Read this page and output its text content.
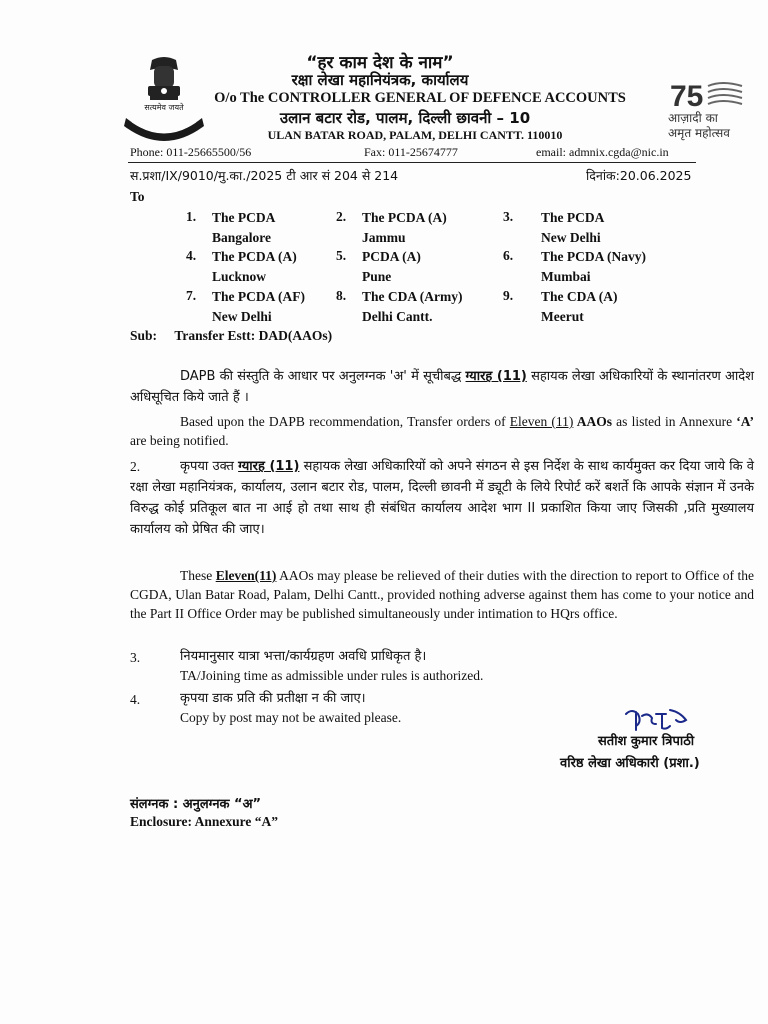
सत्यमेव जयते	75
आज़ादी का
अमृत महोत्सव
“हर काम देश के नाम”
रक्षा लेखा महानियंत्रक, कार्यालय
O/o The CONTROLLER GENERAL OF DEFENCE ACCOUNTS
उलान बटार रोड, पालम, दिल्ली छावनी – 10
ULAN BATAR ROAD, PALAM, DELHI CANTT. 110010
Phone: 011-25665500/56	Fax: 011-25674777	email: admnix.cgda@nic.in
स.प्रशा/IX/9010/मु.का./2025 टी आर सं 204 से 214	दिनांक:20.06.2025
To
1. The PCDA
Bangalore
2. The PCDA (A)
Jammu
3. The PCDA
New Delhi
4. The PCDA (A)
Lucknow
5. PCDA (A)
Pune
6. The PCDA (Navy)
Mumbai
7. The PCDA (AF)
New Delhi
8. The CDA (Army)
Delhi Cantt.
9. The CDA (A)
Meerut
Sub: Transfer Estt: DAD(AAOs)
DAPB की संस्तुति के आधार पर अनुलग्नक 'अ' में सूचीबद्ध ग्यारह (11) सहायक लेखा अधिकारियों के स्थानांतरण आदेश अधिसूचित किये जाते हैं ।
Based upon the DAPB recommendation, Transfer orders of Eleven (11) AAOs as listed in Annexure ‘A’ are being notified.
2.	कृपया उक्त ग्यारह (11) सहायक लेखा अधिकारियों को अपने संगठन से इस निर्देश के साथ कार्यमुक्त कर दिया जाये कि वे रक्षा लेखा महानियंत्रक, कार्यालय, उलान बटार रोड, पालम, दिल्ली छावनी में ड्यूटी के लिये रिपोर्ट करें बशर्ते कि आपके संज्ञान में उनके विरुद्ध कोई प्रतिकूल बात ना आई हो तथा साथ ही संबंधित कार्यालय आदेश भाग II प्रकाशित किया जाए जिसकी ,प्रति मुख्यालय कार्यालय को प्रेषित की जाए।
These Eleven(11) AAOs may please be relieved of their duties with the direction to report to Office of the CGDA, Ulan Batar Road, Palam, Delhi Cantt., provided nothing adverse against them has come to your notice and the Part II Office Order may be published simultaneously under intimation to HQrs office.
3.	नियमानुसार यात्रा भत्ता/कार्यग्रहण अवधि प्राधिकृत है।
TA/Joining time as admissible under rules is authorized.
4.	कृपया डाक प्रति की प्रतीक्षा न की जाए।
Copy by post may not be awaited please.
सतीश कुमार त्रिपाठी
वरिष्ठ लेखा अधिकारी (प्रशा.)
संलग्नक : अनुलग्नक “अ”
Enclosure: Annexure “A”
